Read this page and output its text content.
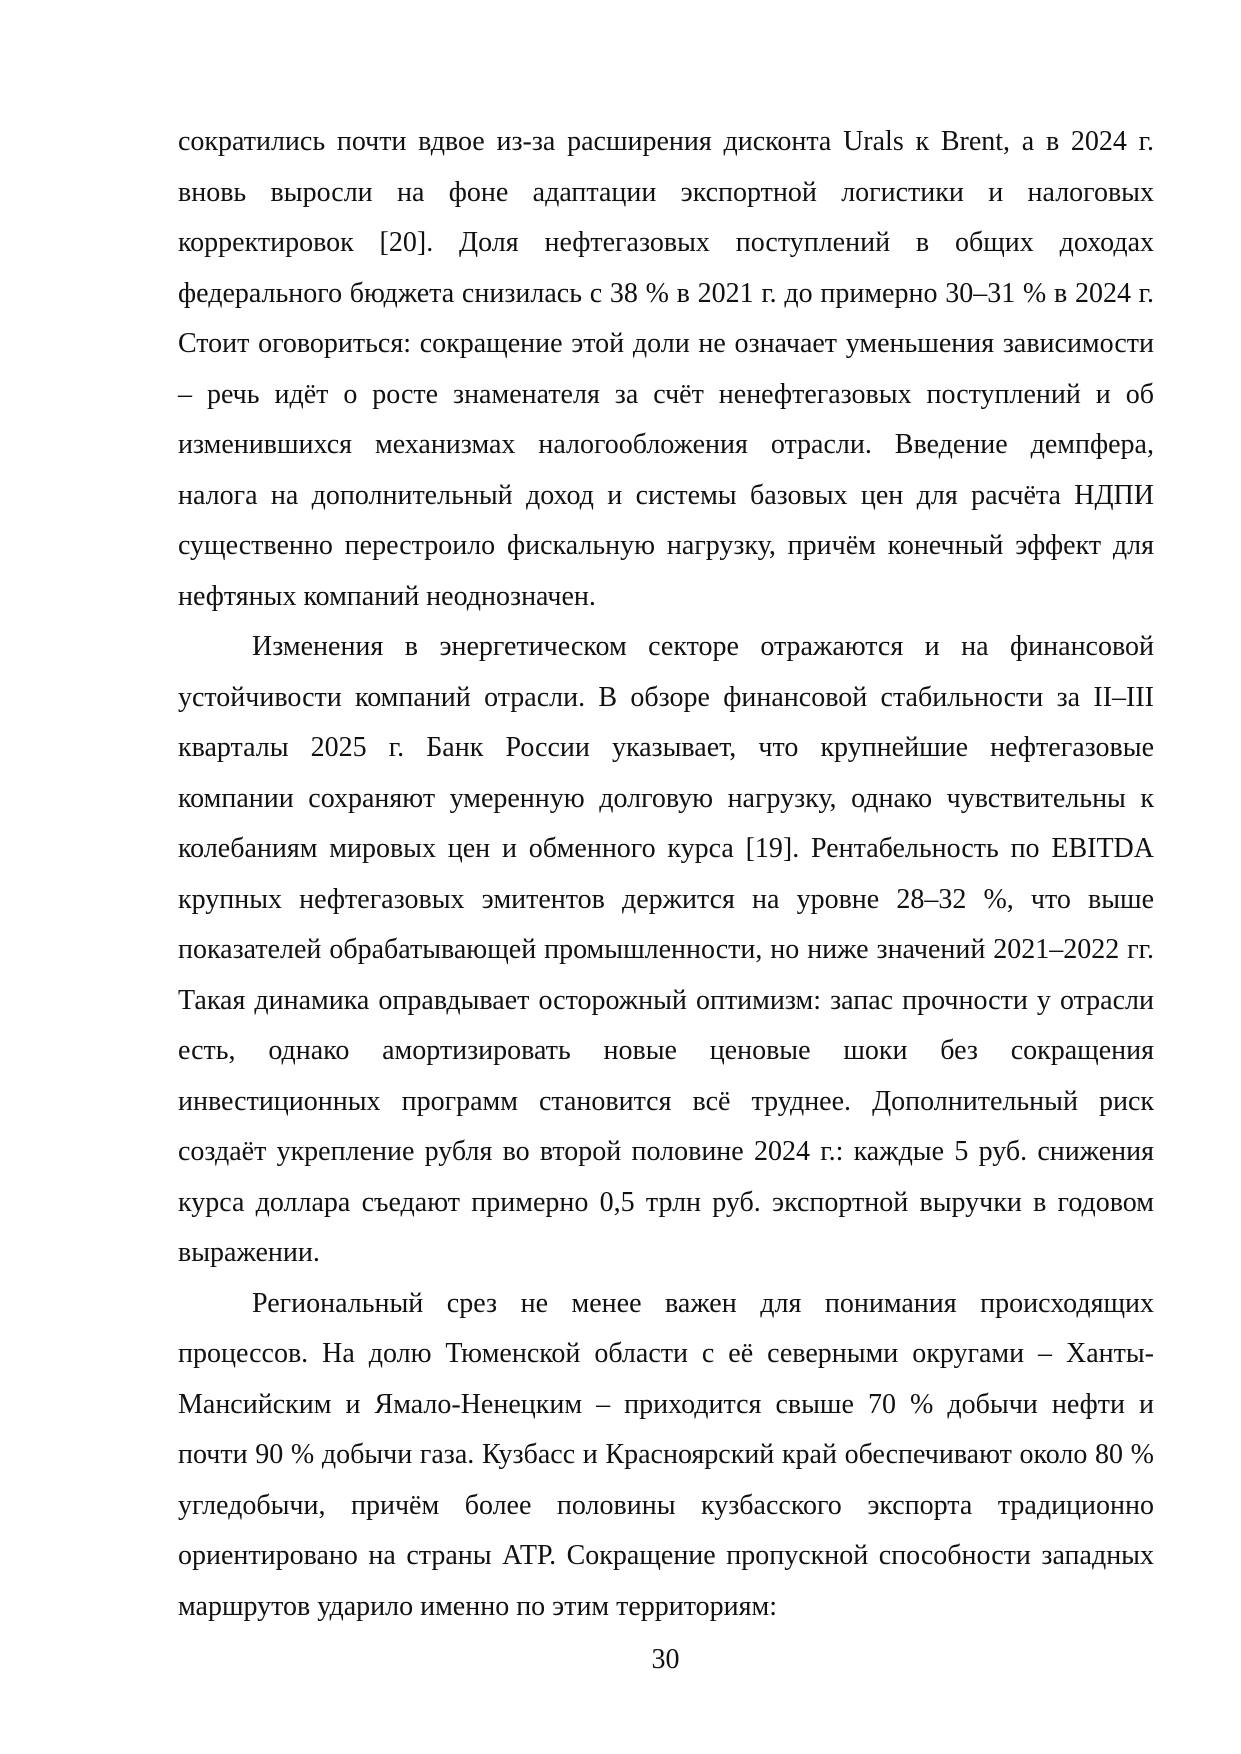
сократились почти вдвое из-за расширения дисконта Urals к Brent, а в 2024 г. вновь выросли на фоне адаптации экспортной логистики и налоговых корректировок [20]. Доля нефтегазовых поступлений в общих доходах федерального бюджета снизилась с 38 % в 2021 г. до примерно 30–31 % в 2024 г. Стоит оговориться: сокращение этой доли не означает уменьшения зависимости – речь идёт о росте знаменателя за счёт ненефтегазовых поступлений и об изменившихся механизмах налогообложения отрасли. Введение демпфера, налога на дополнительный доход и системы базовых цен для расчёта НДПИ существенно перестроило фискальную нагрузку, причём конечный эффект для нефтяных компаний неоднозначен.

Изменения в энергетическом секторе отражаются и на финансовой устойчивости компаний отрасли. В обзоре финансовой стабильности за II–III кварталы 2025 г. Банк России указывает, что крупнейшие нефтегазовые компании сохраняют умеренную долговую нагрузку, однако чувствительны к колебаниям мировых цен и обменного курса [19]. Рентабельность по EBITDA крупных нефтегазовых эмитентов держится на уровне 28–32 %, что выше показателей обрабатывающей промышленности, но ниже значений 2021–2022 гг. Такая динамика оправдывает осторожный оптимизм: запас прочности у отрасли есть, однако амортизировать новые ценовые шоки без сокращения инвестиционных программ становится всё труднее. Дополнительный риск создаёт укрепление рубля во второй половине 2024 г.: каждые 5 руб. снижения курса доллара съедают примерно 0,5 трлн руб. экспортной выручки в годовом выражении.

Региональный срез не менее важен для понимания происходящих процессов. На долю Тюменской области с её северными округами – Ханты-Мансийским и Ямало-Ненецким – приходится свыше 70 % добычи нефти и почти 90 % добычи газа. Кузбасс и Красноярский край обеспечивают около 80 % угледобычи, причём более половины кузбасского экспорта традиционно ориентировано на страны АТР. Сокращение пропускной способности западных маршрутов ударило именно по этим территориям:

30
